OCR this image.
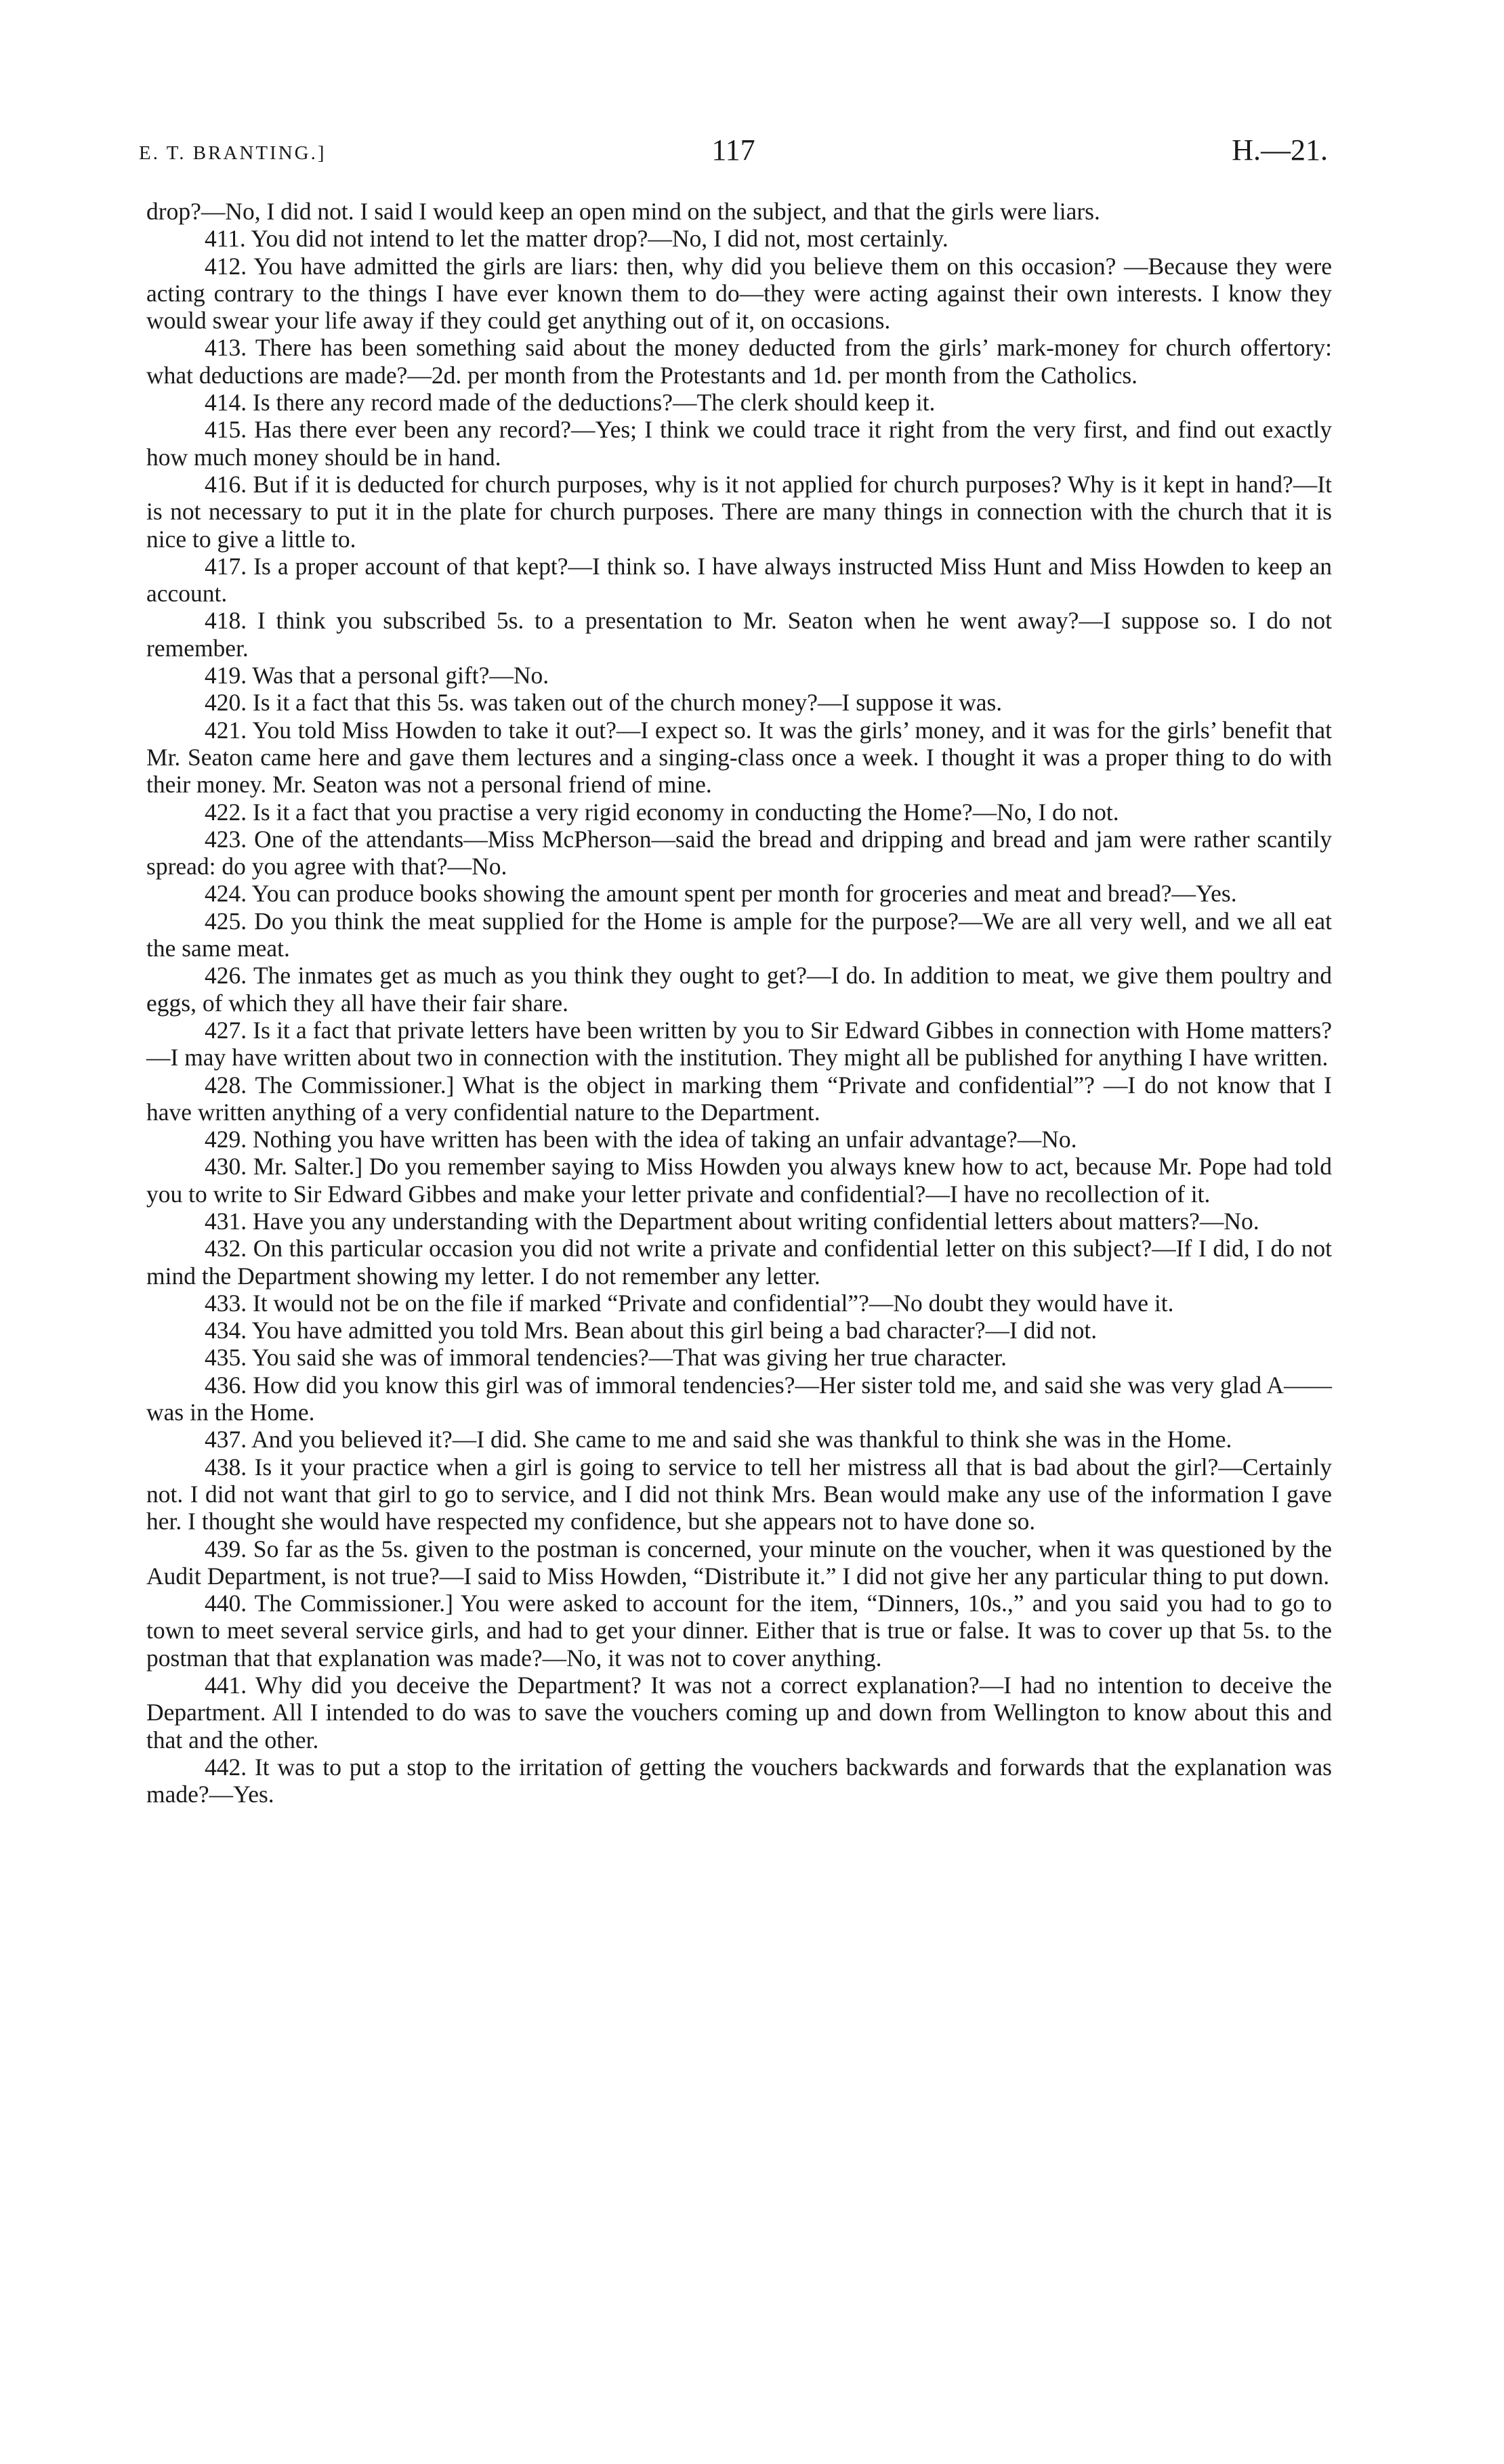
E. T. BRANTING.]	117	H.—21.

drop?—No, I did not. I said I would keep an open mind on the subject, and that the girls were liars.

411. You did not intend to let the matter drop?—No, I did not, most certainly.

412. You have admitted the girls are liars: then, why did you believe them on this occasion? —Because they were acting contrary to the things I have ever known them to do—they were acting against their own interests. I know they would swear your life away if they could get anything out of it, on occasions.

413. There has been something said about the money deducted from the girls’ mark-money for church offertory: what deductions are made?—2d. per month from the Protestants and 1d. per month from the Catholics.

414. Is there any record made of the deductions?—The clerk should keep it.

415. Has there ever been any record?—Yes; I think we could trace it right from the very first, and find out exactly how much money should be in hand.

416. But if it is deducted for church purposes, why is it not applied for church purposes? Why is it kept in hand?—It is not necessary to put it in the plate for church purposes. There are many things in connection with the church that it is nice to give a little to.

417. Is a proper account of that kept?—I think so. I have always instructed Miss Hunt and Miss Howden to keep an account.

418. I think you subscribed 5s. to a presentation to Mr. Seaton when he went away?—I suppose so. I do not remember.

419. Was that a personal gift?—No.

420. Is it a fact that this 5s. was taken out of the church money?—I suppose it was.

421. You told Miss Howden to take it out?—I expect so. It was the girls’ money, and it was for the girls’ benefit that Mr. Seaton came here and gave them lectures and a singing-class once a week. I thought it was a proper thing to do with their money. Mr. Seaton was not a personal friend of mine.

422. Is it a fact that you practise a very rigid economy in conducting the Home?—No, I do not.

423. One of the attendants—Miss McPherson—said the bread and dripping and bread and jam were rather scantily spread: do you agree with that?—No.

424. You can produce books showing the amount spent per month for groceries and meat and bread?—Yes.

425. Do you think the meat supplied for the Home is ample for the purpose?—We are all very well, and we all eat the same meat.

426. The inmates get as much as you think they ought to get?—I do. In addition to meat, we give them poultry and eggs, of which they all have their fair share.

427. Is it a fact that private letters have been written by you to Sir Edward Gibbes in connection with Home matters?—I may have written about two in connection with the institution. They might all be published for anything I have written.

428. The Commissioner.] What is the object in marking them “Private and confidential”? —I do not know that I have written anything of a very confidential nature to the Department.

429. Nothing you have written has been with the idea of taking an unfair advantage?—No.

430. Mr. Salter.] Do you remember saying to Miss Howden you always knew how to act, because Mr. Pope had told you to write to Sir Edward Gibbes and make your letter private and confidential?—I have no recollection of it.

431. Have you any understanding with the Department about writing confidential letters about matters?—No.

432. On this particular occasion you did not write a private and confidential letter on this subject?—If I did, I do not mind the Department showing my letter. I do not remember any letter.

433. It would not be on the file if marked “Private and confidential”?—No doubt they would have it.

434. You have admitted you told Mrs. Bean about this girl being a bad character?—I did not.

435. You said she was of immoral tendencies?—That was giving her true character.

436. How did you know this girl was of immoral tendencies?—Her sister told me, and said she was very glad A—— was in the Home.

437. And you believed it?—I did. She came to me and said she was thankful to think she was in the Home.

438. Is it your practice when a girl is going to service to tell her mistress all that is bad about the girl?—Certainly not. I did not want that girl to go to service, and I did not think Mrs. Bean would make any use of the information I gave her. I thought she would have respected my confidence, but she appears not to have done so.

439. So far as the 5s. given to the postman is concerned, your minute on the voucher, when it was questioned by the Audit Department, is not true?—I said to Miss Howden, “Distribute it.” I did not give her any particular thing to put down.

440. The Commissioner.] You were asked to account for the item, “Dinners, 10s.,” and you said you had to go to town to meet several service girls, and had to get your dinner. Either that is true or false. It was to cover up that 5s. to the postman that that explanation was made?—No, it was not to cover anything.

441. Why did you deceive the Department? It was not a correct explanation?—I had no intention to deceive the Department. All I intended to do was to save the vouchers coming up and down from Wellington to know about this and that and the other.

442. It was to put a stop to the irritation of getting the vouchers backwards and forwards that the explanation was made?—Yes.
